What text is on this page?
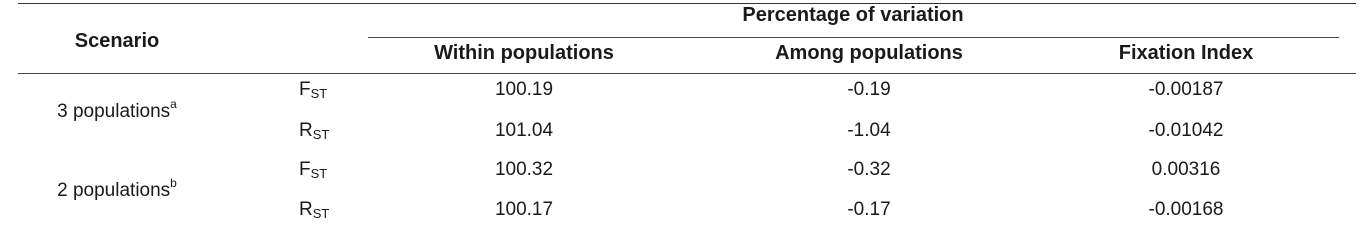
Scenario
Percentage of variation
Within populations	Among populations	Fixation Index
3 populations$^a$
$F_{ST}$	100.19	-0.19	-0.00187
$R_{ST}$	101.04	-1.04	-0.01042
2 populations$^b$
$F_{ST}$	100.32	-0.32	0.00316
$R_{ST}$	100.17	-0.17	-0.00168
